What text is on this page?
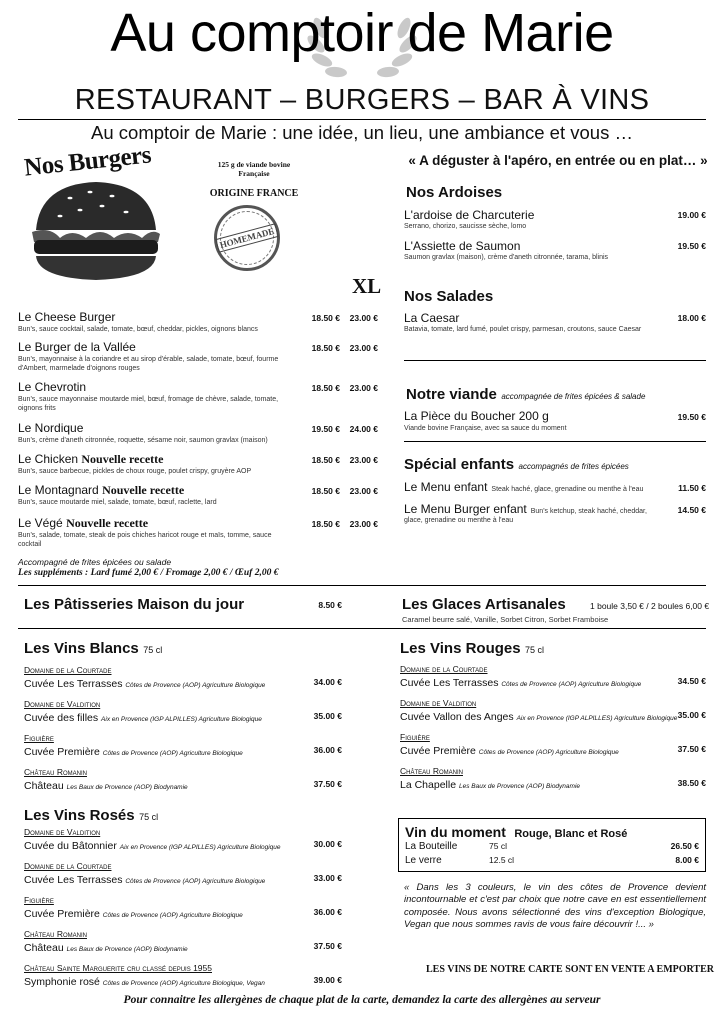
Au comptoir de Marie
RESTAURANT – BURGERS – BAR À VINS
Au comptoir de Marie : une idée, un lieu, une ambiance et vous …
Nos Burgers	125 g de viande bovine Française
ORIGINE FRANCE
HOMEMADE
XL
Le Cheese Burger
Bun's, sauce cocktail, salade, tomate, bœuf, cheddar, pickles, oignons blancs
18.50 €	23.00 €
Le Burger de la Vallée
Bun's, mayonnaise à la coriandre et au sirop d'érable, salade, tomate, bœuf, fourme d'Ambert, marmelade d'oignons rouges
18.50 €	23.00 €
Le Chevrotin
Bun's, sauce mayonnaise moutarde miel, bœuf, fromage de chèvre, salade, tomate, oignons frits
18.50 €	23.00 €
Le Nordique
Bun's, crème d'aneth citronnée, roquette, sésame noir, saumon gravlax (maison)
19.50 €	24.00 €
Le Chicken Nouvelle recette
Bun's, sauce barbecue, pickles de choux rouge, poulet crispy, gruyère AOP
18.50 €	23.00 €
Le Montagnard Nouvelle recette
Bun's, sauce moutarde miel, salade, tomate, bœuf, raclette, lard
18.50 €	23.00 €
Le Végé Nouvelle recette
Bun's, salade, tomate, steak de pois chiches haricot rouge et maïs, tomme, sauce cocktail
18.50 €	23.00 €
Accompagné de frites épicées ou salade
Les suppléments : Lard fumé 2,00 € / Fromage 2,00 € / Œuf 2,00 €
« A déguster à l'apéro, en entrée ou en plat… »
Nos Ardoises
L'ardoise de Charcuterie
Serrano, chorizo, saucisse sèche, lomo
19.00 €
L'Assiette de Saumon
Saumon gravlax (maison), crème d'aneth citronnée, tarama, blinis
19.50 €
Nos Salades
La Caesar
Batavia, tomate, lard fumé, poulet crispy, parmesan, croutons, sauce Caesar
18.00 €
Notre viande accompagnée de frites épicées & salade
La Pièce du Boucher 200 g
Viande bovine Française, avec sa sauce du moment
19.50 €
Spécial enfants accompagnés de frites épicées
Le Menu enfant Steak haché, glace, grenadine ou menthe à l'eau	11.50 €
Le Menu Burger enfant Bun's ketchup, steak haché, cheddar, glace, grenadine ou menthe à l'eau
14.50 €
Les Pâtisseries Maison du jour	8.50 €	Les Glaces Artisanales	1 boule 3,50 € / 2 boules 6,00 €
Caramel beurre salé, Vanille, Sorbet Citron, Sorbet Framboise
Les Vins Blancs 75 cl
Domaine de la Courtade
Cuvée Les Terrasses Côtes de Provence (AOP) Agriculture Biologique	34.00 €
Domaine de Valdition
Cuvée des filles Aix en Provence (IGP ALPILLES) Agriculture Biologique	35.00 €
Figuière
Cuvée Première Côtes de Provence (AOP) Agriculture Biologique	36.00 €
Château Romanin
Château Les Baux de Provence (AOP) Biodynamie	37.50 €
Les Vins Rosés 75 cl
Domaine de Valdition
Cuvée du Bâtonnier Aix en Provence (IGP ALPILLES) Agriculture Biologique	30.00 €
Domaine de la Courtade
Cuvée Les Terrasses Côtes de Provence (AOP) Agriculture Biologique	33.00 €
Figuière
Cuvée Première Côtes de Provence (AOP) Agriculture Biologique	36.00 €
Château Romanin
Château Les Baux de Provence (AOP) Biodynamie	37.50 €
Château Sainte Marguerite cru classé depuis 1955
Symphonie rosé Côtes de Provence (AOP) Agriculture Biologique, Vegan	39.00 €
Les Vins Rouges 75 cl
Domaine de la Courtade
Cuvée Les Terrasses Côtes de Provence (AOP) Agriculture Biologique	34.50 €
Domaine de Valdition
Cuvée Vallon des Anges Aix en Provence (IGP ALPILLES) Agriculture Biologique 35.00 €
Figuière
Cuvée Première Côtes de Provence (AOP) Agriculture Biologique	37.50 €
Château Romanin
La Chapelle Les Baux de Provence (AOP) Biodynamie	38.50 €
Vin du moment Rouge, Blanc et Rosé
La Bouteille	75 cl	26.50 €
Le verre	12.5 cl	8.00 €
« Dans les 3 couleurs, le vin des côtes de Provence devient incontournable et c'est par choix que notre cave en est essentiellement composée. Nous avons sélectionné des vins d'exception Biologique, Vegan que nous sommes ravis de vous faire découvrir !... »
LES VINS DE NOTRE CARTE SONT EN VENTE A EMPORTER
Pour connaitre les allergènes de chaque plat de la carte, demandez la carte des allergènes au serveur
